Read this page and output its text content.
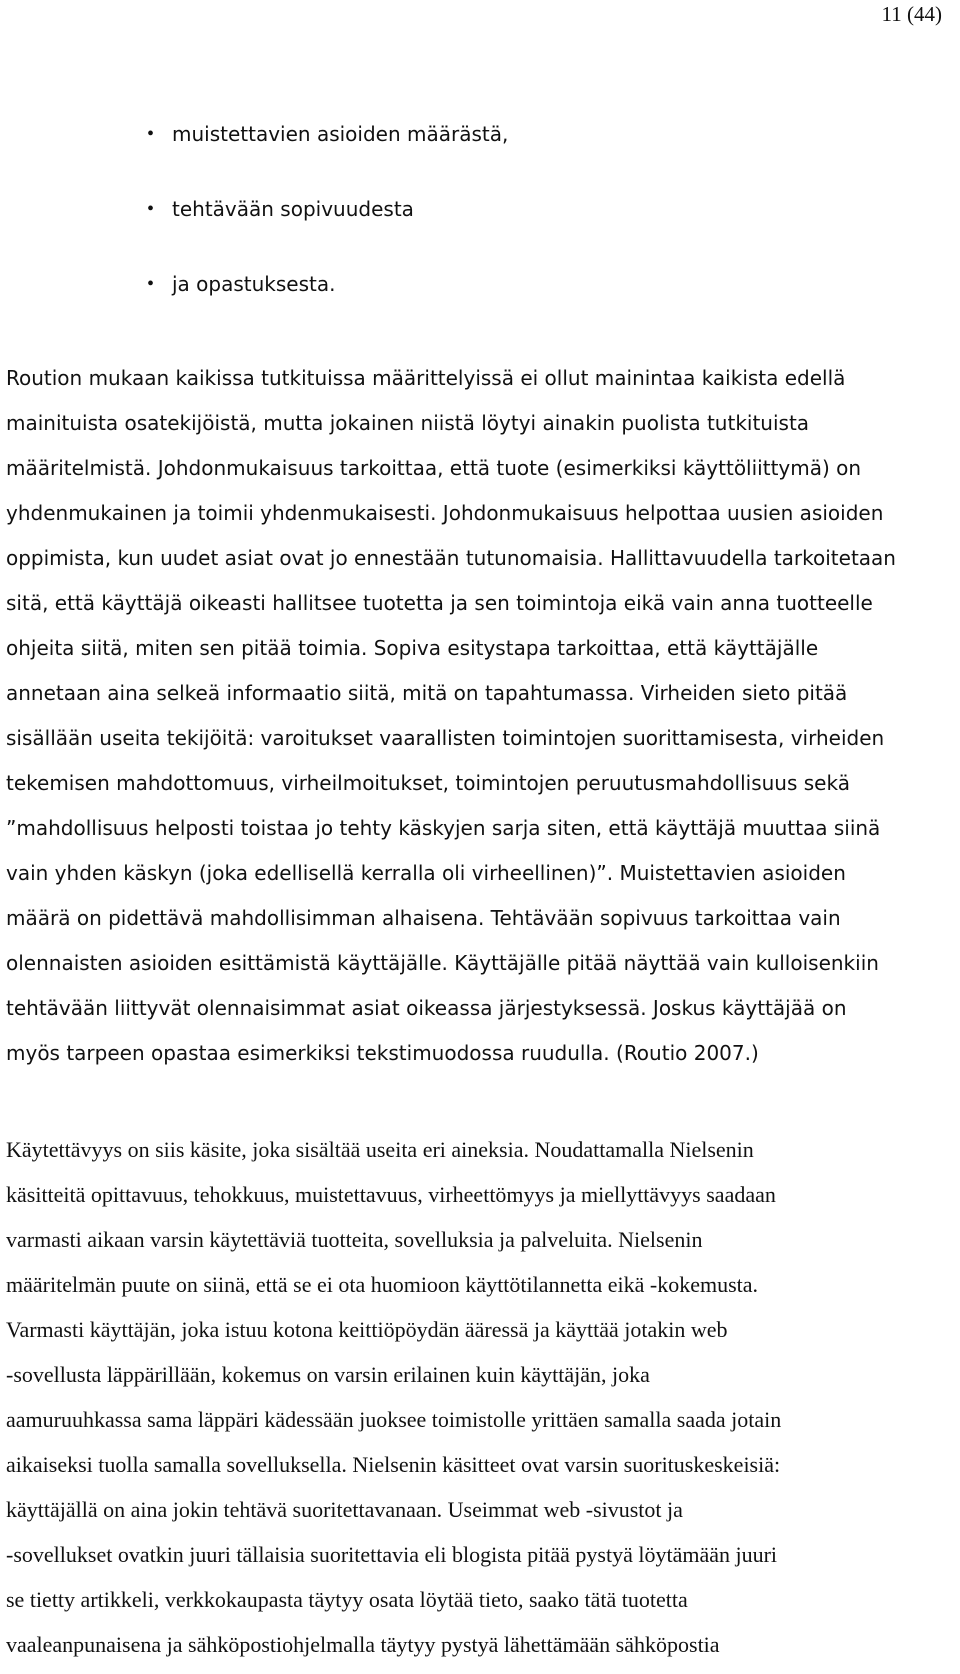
11 (44)

• muistettavien asioiden määrästä,
• tehtävään sopivuudesta
• ja opastuksesta.
Roution mukaan kaikissa tutkituissa määrittelyissä ei ollut mainintaa kaikista edellä
mainituista osatekijöistä, mutta jokainen niistä löytyi ainakin puolista tutkituista
määritelmistä. Johdonmukaisuus tarkoittaa, että tuote (esimerkiksi käyttöliittymä) on
yhdenmukainen ja toimii yhdenmukaisesti. Johdonmukaisuus helpottaa uusien asioiden
oppimista, kun uudet asiat ovat jo ennestään tutunomaisia. Hallittavuudella tarkoitetaan
sitä, että käyttäjä oikeasti hallitsee tuotetta ja sen toimintoja eikä vain anna tuotteelle
ohjeita siitä, miten sen pitää toimia. Sopiva esitystapa tarkoittaa, että käyttäjälle
annetaan aina selkeä informaatio siitä, mitä on tapahtumassa. Virheiden sieto pitää
sisällään useita tekijöitä: varoitukset vaarallisten toimintojen suorittamisesta, virheiden
tekemisen mahdottomuus, virheilmoitukset, toimintojen peruutusmahdollisuus sekä
”mahdollisuus helposti toistaa jo tehty käskyjen sarja siten, että käyttäjä muuttaa siinä
vain yhden käskyn (joka edellisellä kerralla oli virheellinen)”. Muistettavien asioiden
määrä on pidettävä mahdollisimman alhaisena. Tehtävään sopivuus tarkoittaa vain
olennaisten asioiden esittämistä käyttäjälle. Käyttäjälle pitää näyttää vain kulloisenkiin
tehtävään liittyvät olennaisimmat asiat oikeassa järjestyksessä. Joskus käyttäjää on
myös tarpeen opastaa esimerkiksi tekstimuodossa ruudulla. (Routio 2007.)
Käytettävyys on siis käsite, joka sisältää useita eri aineksia. Noudattamalla Nielsenin
käsitteitä opittavuus, tehokkuus, muistettavuus, virheettömyys ja miellyttävyys saadaan
varmasti aikaan varsin käytettäviä tuotteita, sovelluksia ja palveluita. Nielsenin
määritelmän puute on siinä, että se ei ota huomioon käyttötilannetta eikä -kokemusta.
Varmasti käyttäjän, joka istuu kotona keittiöpöydän ääressä ja käyttää jotakin web
-sovellusta läppärillään, kokemus on varsin erilainen kuin käyttäjän, joka
aamuruuhkassa sama läppäri kädessään juoksee toimistolle yrittäen samalla saada jotain
aikaiseksi tuolla samalla sovelluksella. Nielsenin käsitteet ovat varsin suorituskeskeisiä:
käyttäjällä on aina jokin tehtävä suoritettavanaan. Useimmat web -sivustot ja
-sovellukset ovatkin juuri tällaisia suoritettavia eli blogista pitää pystyä löytämään juuri
se tietty artikkeli, verkkokaupasta täytyy osata löytää tieto, saako tätä tuotetta
vaaleanpunaisena ja sähköpostiohjelmalla täytyy pystyä lähettämään sähköpostia
